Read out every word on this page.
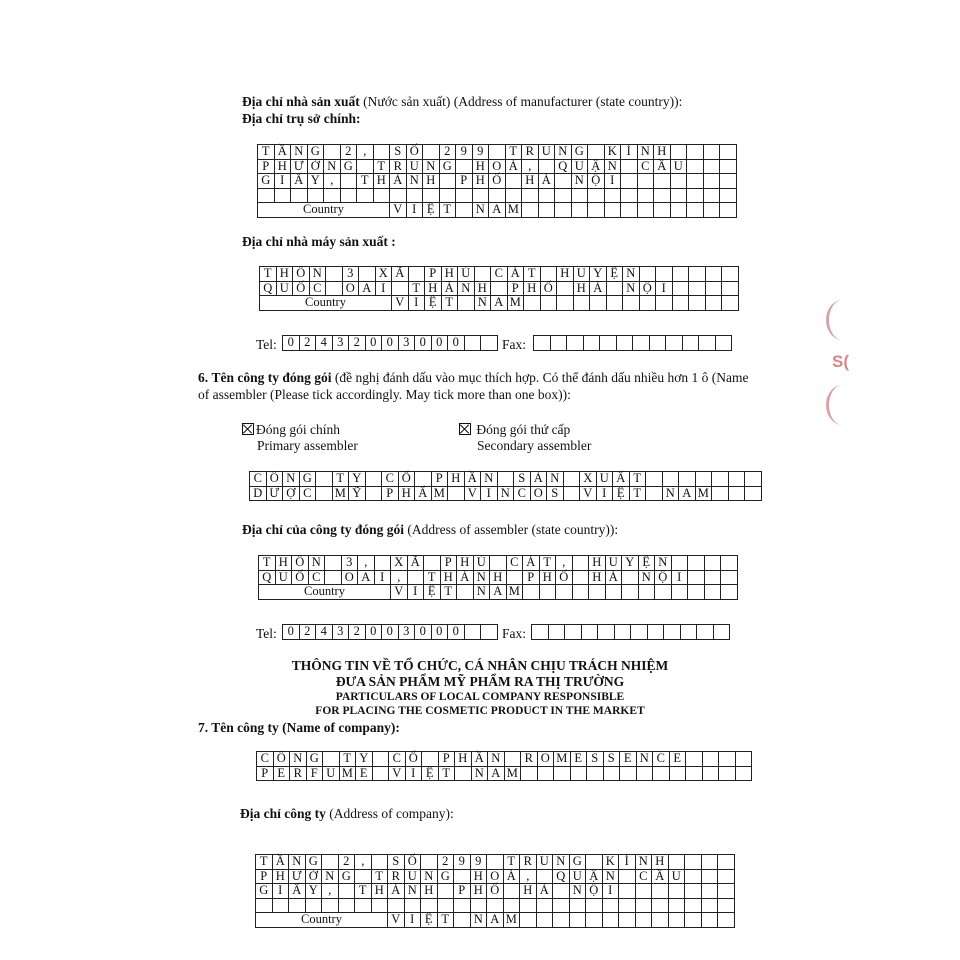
Địa chỉ nhà sản xuất (Nước sản xuất) (Address of manufacturer (state country)):
Địa chỉ trụ sở chính:
T	Ầ	N	G		2	,		S	Ố		2	9	9		T	R	U	N	G		K	Í	N	H				
P	H	Ư	Ờ	N	G		T	R	U	N	G		H	O	À	,		Q	U	Ậ	N		C	Ầ	U			
G	I	Ấ	Y	,		T	H	À	N	H		P	H	Ố		H	À		N	Ộ	I							

Country								V	I	Ệ	T		N	A	M													
Địa chỉ nhà máy sản xuất :
T	H	Ô	N		3		X	Ã		P	H	Ú		C	Á	T		H	U	Y	Ệ	N						
Q	U	Ố	C		O	A	I		T	H	À	N	H		P	H	Ố		H	À		N	Ộ	I				
Country								V	I	Ệ	T		N	A	M													
Tel: 0	2	4	3	2	0	0	3	0	0	0			Fax:

6. Tên công ty đóng gói (đề nghị đánh dấu vào mục thích hợp. Có thể đánh dấu nhiều hơn 1 ô (Name
of assembler (Please tick accordingly. May tick more than one box)):
Đóng gói chính
Primary assembler
Đóng gói thứ cấp
Secondary assembler
C	Ô	N	G		T	Y		C	Ổ		P	H	Ầ	N		S	Ả	N		X	U	Ấ	T							
D	Ư	Ợ	C		M	Ỹ		P	H	Ẩ	M		V	I	N	C	O	S		V	I	Ệ	T		N	A	M			
Địa chỉ của công ty đóng gói (Address of assembler (state country)):
T	H	Ô	N		3	,		X	Ã		P	H	Ú		C	Á	T	,		H	U	Y	Ệ	N				
Q	U	Ố	C		O	A	I	,		T	H	À	N	H		P	H	Ố		H	À		N	Ộ	I			
Country								V	I	Ệ	T		N	A	M													
Tel: 0	2	4	3	2	0	0	3	0	0	0			Fax:

THÔNG TIN VỀ TỔ CHỨC, CÁ NHÂN CHỊU TRÁCH NHIỆM
ĐƯA SẢN PHẨM MỸ PHẨM RA THỊ TRƯỜNG
PARTICULARS OF LOCAL COMPANY RESPONSIBLE
FOR PLACING THE COSMETIC PRODUCT IN THE MARKET
7. Tên công ty (Name of company):
C	Ô	N	G		T	Y		C	Ổ		P	H	Ầ	N		R	O	M	E	S	S	E	N	C	E				
P	E	R	F	U	M	E		V	I	Ệ	T		N	A	M														
Địa chỉ công ty (Address of company):
T	Ầ	N	G		2	,		S	Ố		2	9	9		T	R	U	N	G		K	Í	N	H				
P	H	Ư	Ờ	N	G		T	R	U	N	G		H	O	À	,		Q	U	Ậ	N		C	Ầ	U			
G	I	Ấ	Y	,		T	H	À	N	H		P	H	Ố		H	À		N	Ộ	I							

Country								V	I	Ệ	T		N	A	M													
S(
